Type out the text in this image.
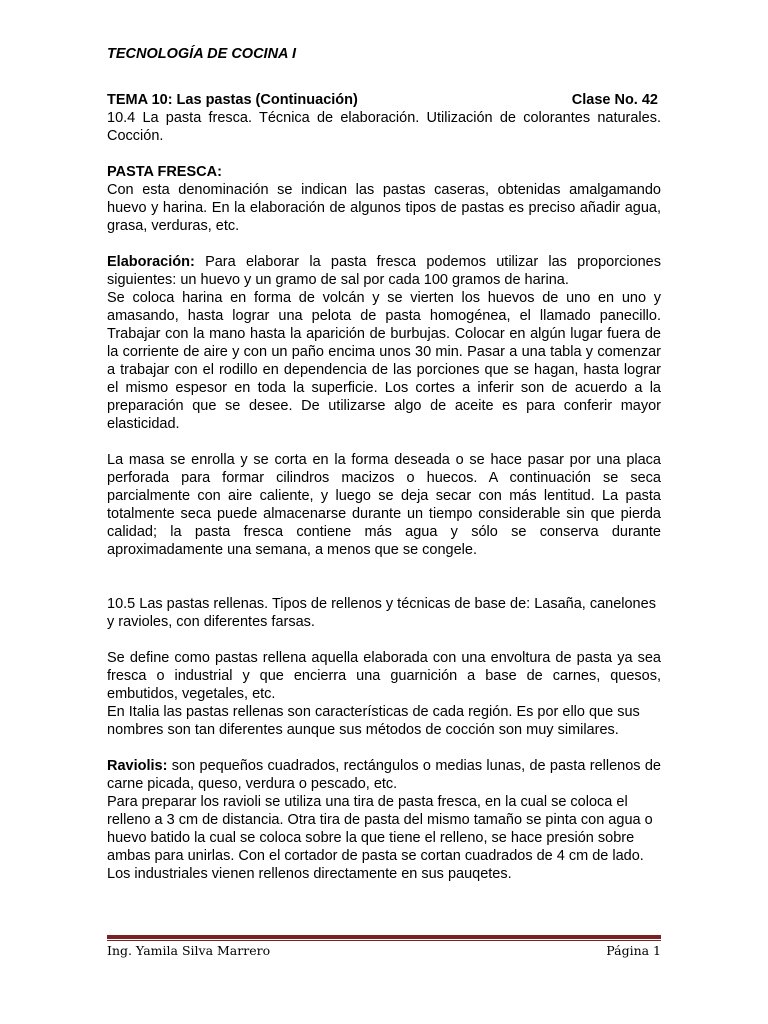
TECNOLOGÍA DE COCINA I
TEMA 10: Las pastas (Continuación)	Clase No. 42

10.4 La pasta fresca. Técnica de elaboración. Utilización de colorantes naturales. Cocción.

PASTA FRESCA:

Con esta denominación se indican las pastas caseras, obtenidas amalgamando huevo y harina. En la elaboración de algunos tipos de pastas es preciso añadir agua, grasa, verduras, etc.

Elaboración: Para elaborar la pasta fresca podemos utilizar las proporciones siguientes: un huevo y un gramo de sal por cada 100 gramos de harina.

Se coloca harina en forma de volcán y se vierten los huevos de uno en uno y amasando, hasta lograr una pelota de pasta homogénea, el llamado panecillo. Trabajar con la mano hasta la aparición de burbujas. Colocar en algún lugar fuera de la corriente de aire y con un paño encima unos 30 min. Pasar a una tabla y comenzar a trabajar con el rodillo en dependencia de las porciones que se hagan, hasta lograr el mismo espesor en toda la superficie. Los cortes a inferir son de acuerdo a la preparación que se desee. De utilizarse algo de aceite es para conferir mayor elasticidad.

La masa se enrolla y se corta en la forma deseada o se hace pasar por una placa perforada para formar cilindros macizos o huecos. A continuación se seca parcialmente con aire caliente, y luego se deja secar con más lentitud. La pasta totalmente seca puede almacenarse durante un tiempo considerable sin que pierda calidad; la pasta fresca contiene más agua y sólo se conserva durante aproximadamente una semana, a menos que se congele.

10.5 Las pastas rellenas. Tipos de rellenos y técnicas de base de: Lasaña, canelones y ravioles, con diferentes farsas.

Se define como pastas rellena aquella elaborada con una envoltura de pasta ya sea fresca o industrial y que encierra una guarnición a base de carnes, quesos, embutidos, vegetales, etc.

En Italia las pastas rellenas son características de cada región. Es por ello que sus nombres son tan diferentes aunque sus métodos de cocción son muy similares.

Raviolis: son pequeños cuadrados, rectángulos o medias lunas, de pasta rellenos de carne picada, queso, verdura o pescado, etc.

Para preparar los ravioli se utiliza una tira de pasta fresca, en la cual se coloca el relleno a 3 cm de distancia. Otra tira de pasta del mismo tamaño se pinta con agua o huevo batido la cual se coloca sobre la que tiene el relleno, se hace presión sobre ambas para unirlas. Con el cortador de pasta se cortan cuadrados de 4 cm de lado. Los industriales vienen rellenos directamente en sus pauqetes.

Ing. Yamila Silva Marrero	Página 1
